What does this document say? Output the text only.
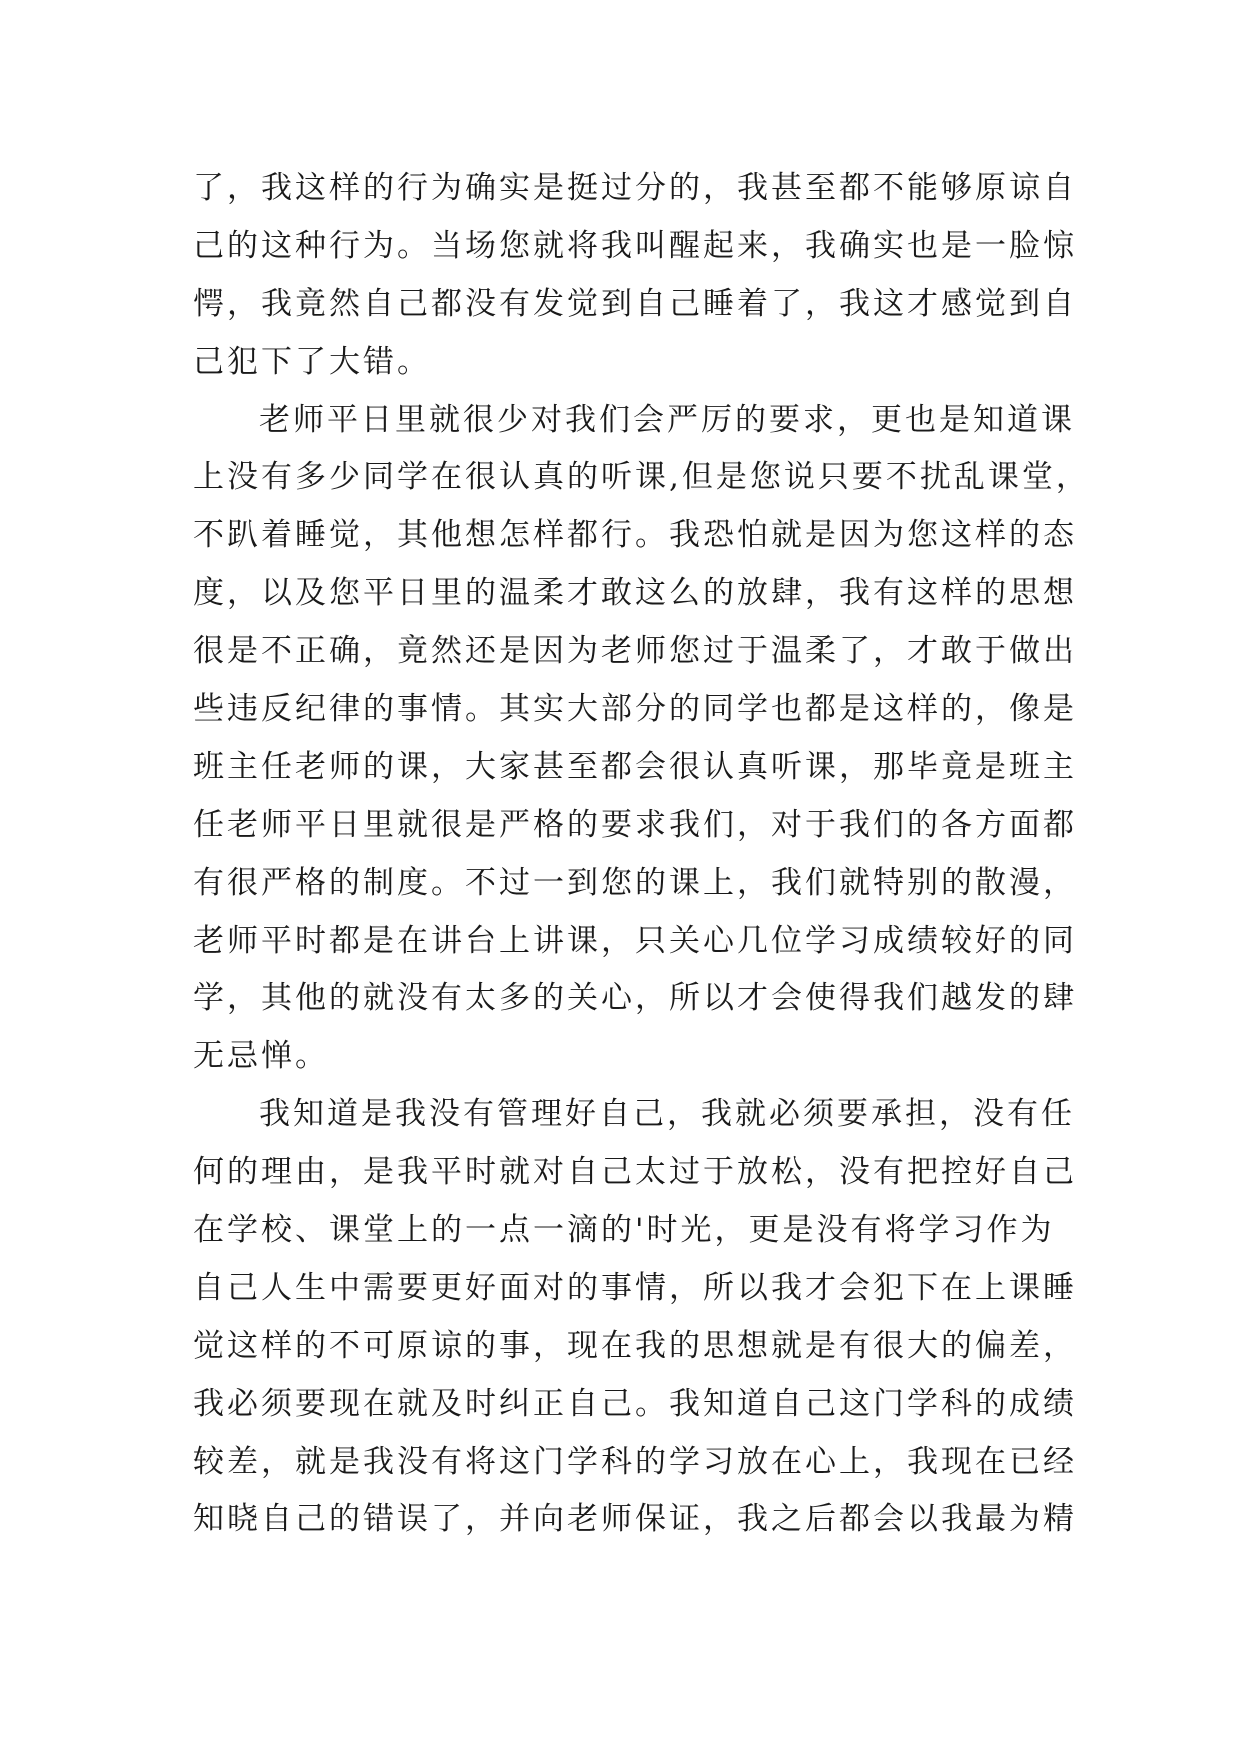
了，我这样的行为确实是挺过分的，我甚至都不能够原谅自
己的这种行为。当场您就将我叫醒起来，我确实也是一脸惊
愕，我竟然自己都没有发觉到自己睡着了，我这才感觉到自
己犯下了大错。
老师平日里就很少对我们会严厉的要求，更也是知道课
上没有多少同学在很认真的听课,但是您说只要不扰乱课堂，
不趴着睡觉，其他想怎样都行。我恐怕就是因为您这样的态
度，以及您平日里的温柔才敢这么的放肆，我有这样的思想
很是不正确，竟然还是因为老师您过于温柔了，才敢于做出
些违反纪律的事情。其实大部分的同学也都是这样的，像是
班主任老师的课，大家甚至都会很认真听课，那毕竟是班主
任老师平日里就很是严格的要求我们，对于我们的各方面都
有很严格的制度。不过一到您的课上，我们就特别的散漫，
老师平时都是在讲台上讲课，只关心几位学习成绩较好的同
学，其他的就没有太多的关心，所以才会使得我们越发的肆
无忌惮。
我知道是我没有管理好自己，我就必须要承担，没有任
何的理由，是我平时就对自己太过于放松，没有把控好自己
在学校、课堂上的一点一滴的'时光，更是没有将学习作为
自己人生中需要更好面对的事情，所以我才会犯下在上课睡
觉这样的不可原谅的事，现在我的思想就是有很大的偏差，
我必须要现在就及时纠正自己。我知道自己这门学科的成绩
较差，就是我没有将这门学科的学习放在心上，我现在已经
知晓自己的错误了，并向老师保证，我之后都会以我最为精
